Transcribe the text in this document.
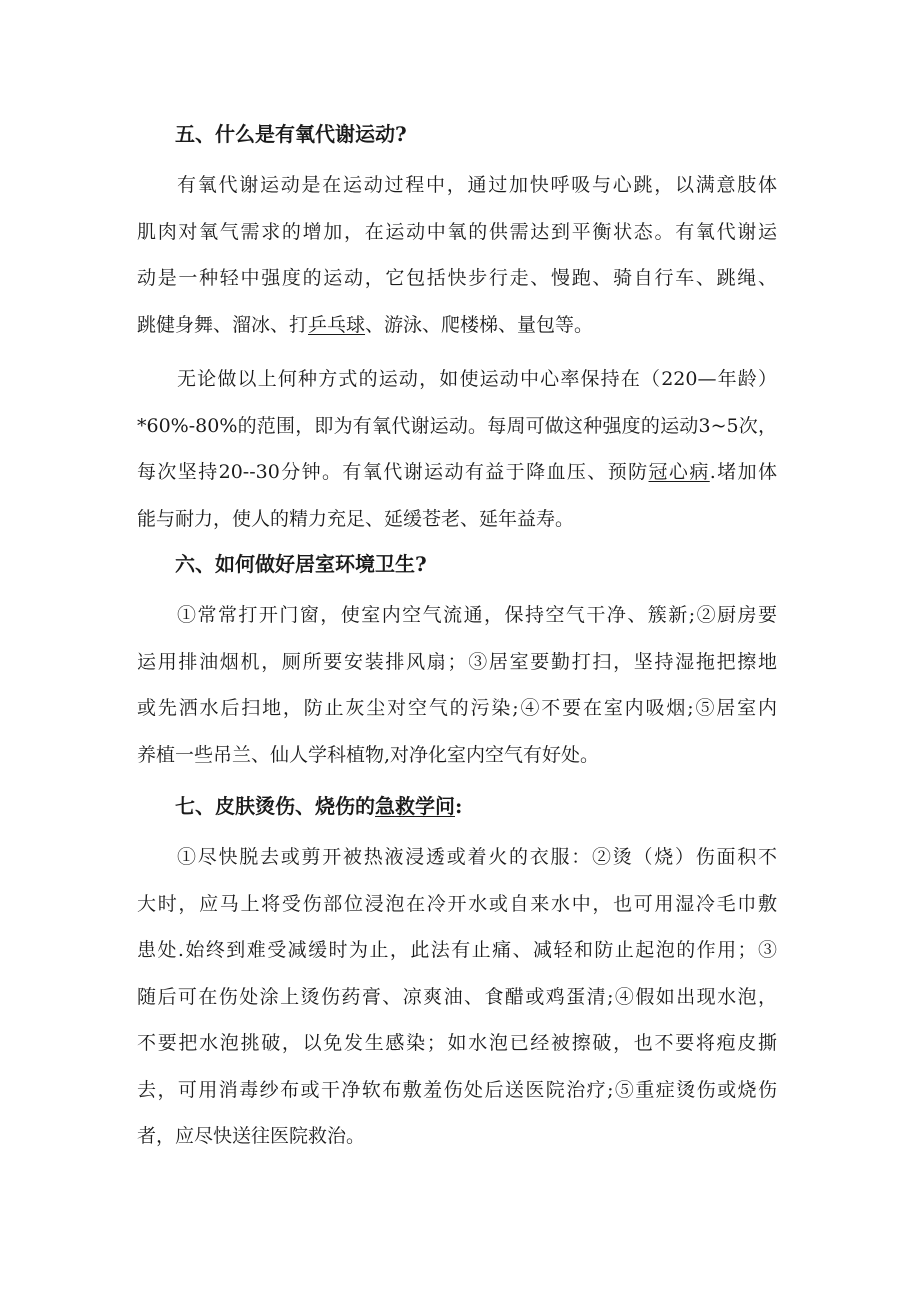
五、什么是有氧代谢运动?

有氧代谢运动是在运动过程中，通过加快呼吸与心跳，以满意肢体
肌肉对氧气需求的增加，在运动中氧的供需达到平衡状态。有氧代谢运
动是一种轻中强度的运动，它包括快步行走、慢跑、骑自行车、跳绳、
跳健身舞、溜冰、打乒乓球、游泳、爬楼梯、量包等。

无论做以上何种方式的运动，如使运动中心率保持在（220—年龄）
*60%-80%的范围，即为有氧代谢运动。每周可做这种强度的运动3~5次，
每次坚持20--30分钟。有氧代谢运动有益于降血压、预防冠心病.堵加体
能与耐力，使人的精力充足、延缓苍老、延年益寿。

六、如何做好居室环境卫生?

①常常打开门窗，使室内空气流通，保持空气干净、簇新;②厨房要
运用排油烟机，厕所要安装排风扇；③居室要勤打扫，坚持湿拖把擦地
或先洒水后扫地，防止灰尘对空气的污染;④不要在室内吸烟;⑤居室内
养植一些吊兰、仙人学科植物,对净化室内空气有好处。

七、皮肤烫伤、烧伤的急救学问:

①尽快脱去或剪开被热液浸透或着火的衣服：②烫（烧）伤面积不
大时，应马上将受伤部位浸泡在冷开水或自来水中，也可用湿冷毛巾敷
患处.始终到难受减缓时为止，此法有止痛、减轻和防止起泡的作用；③
随后可在伤处涂上烫伤药膏、凉爽油、食醋或鸡蛋清;④假如出现水泡，
不要把水泡挑破，以免发生感染；如水泡已经被擦破，也不要将疱皮撕
去，可用消毒纱布或干净软布敷羞伤处后送医院治疗;⑤重症烫伤或烧伤
者，应尽快送往医院救治。
